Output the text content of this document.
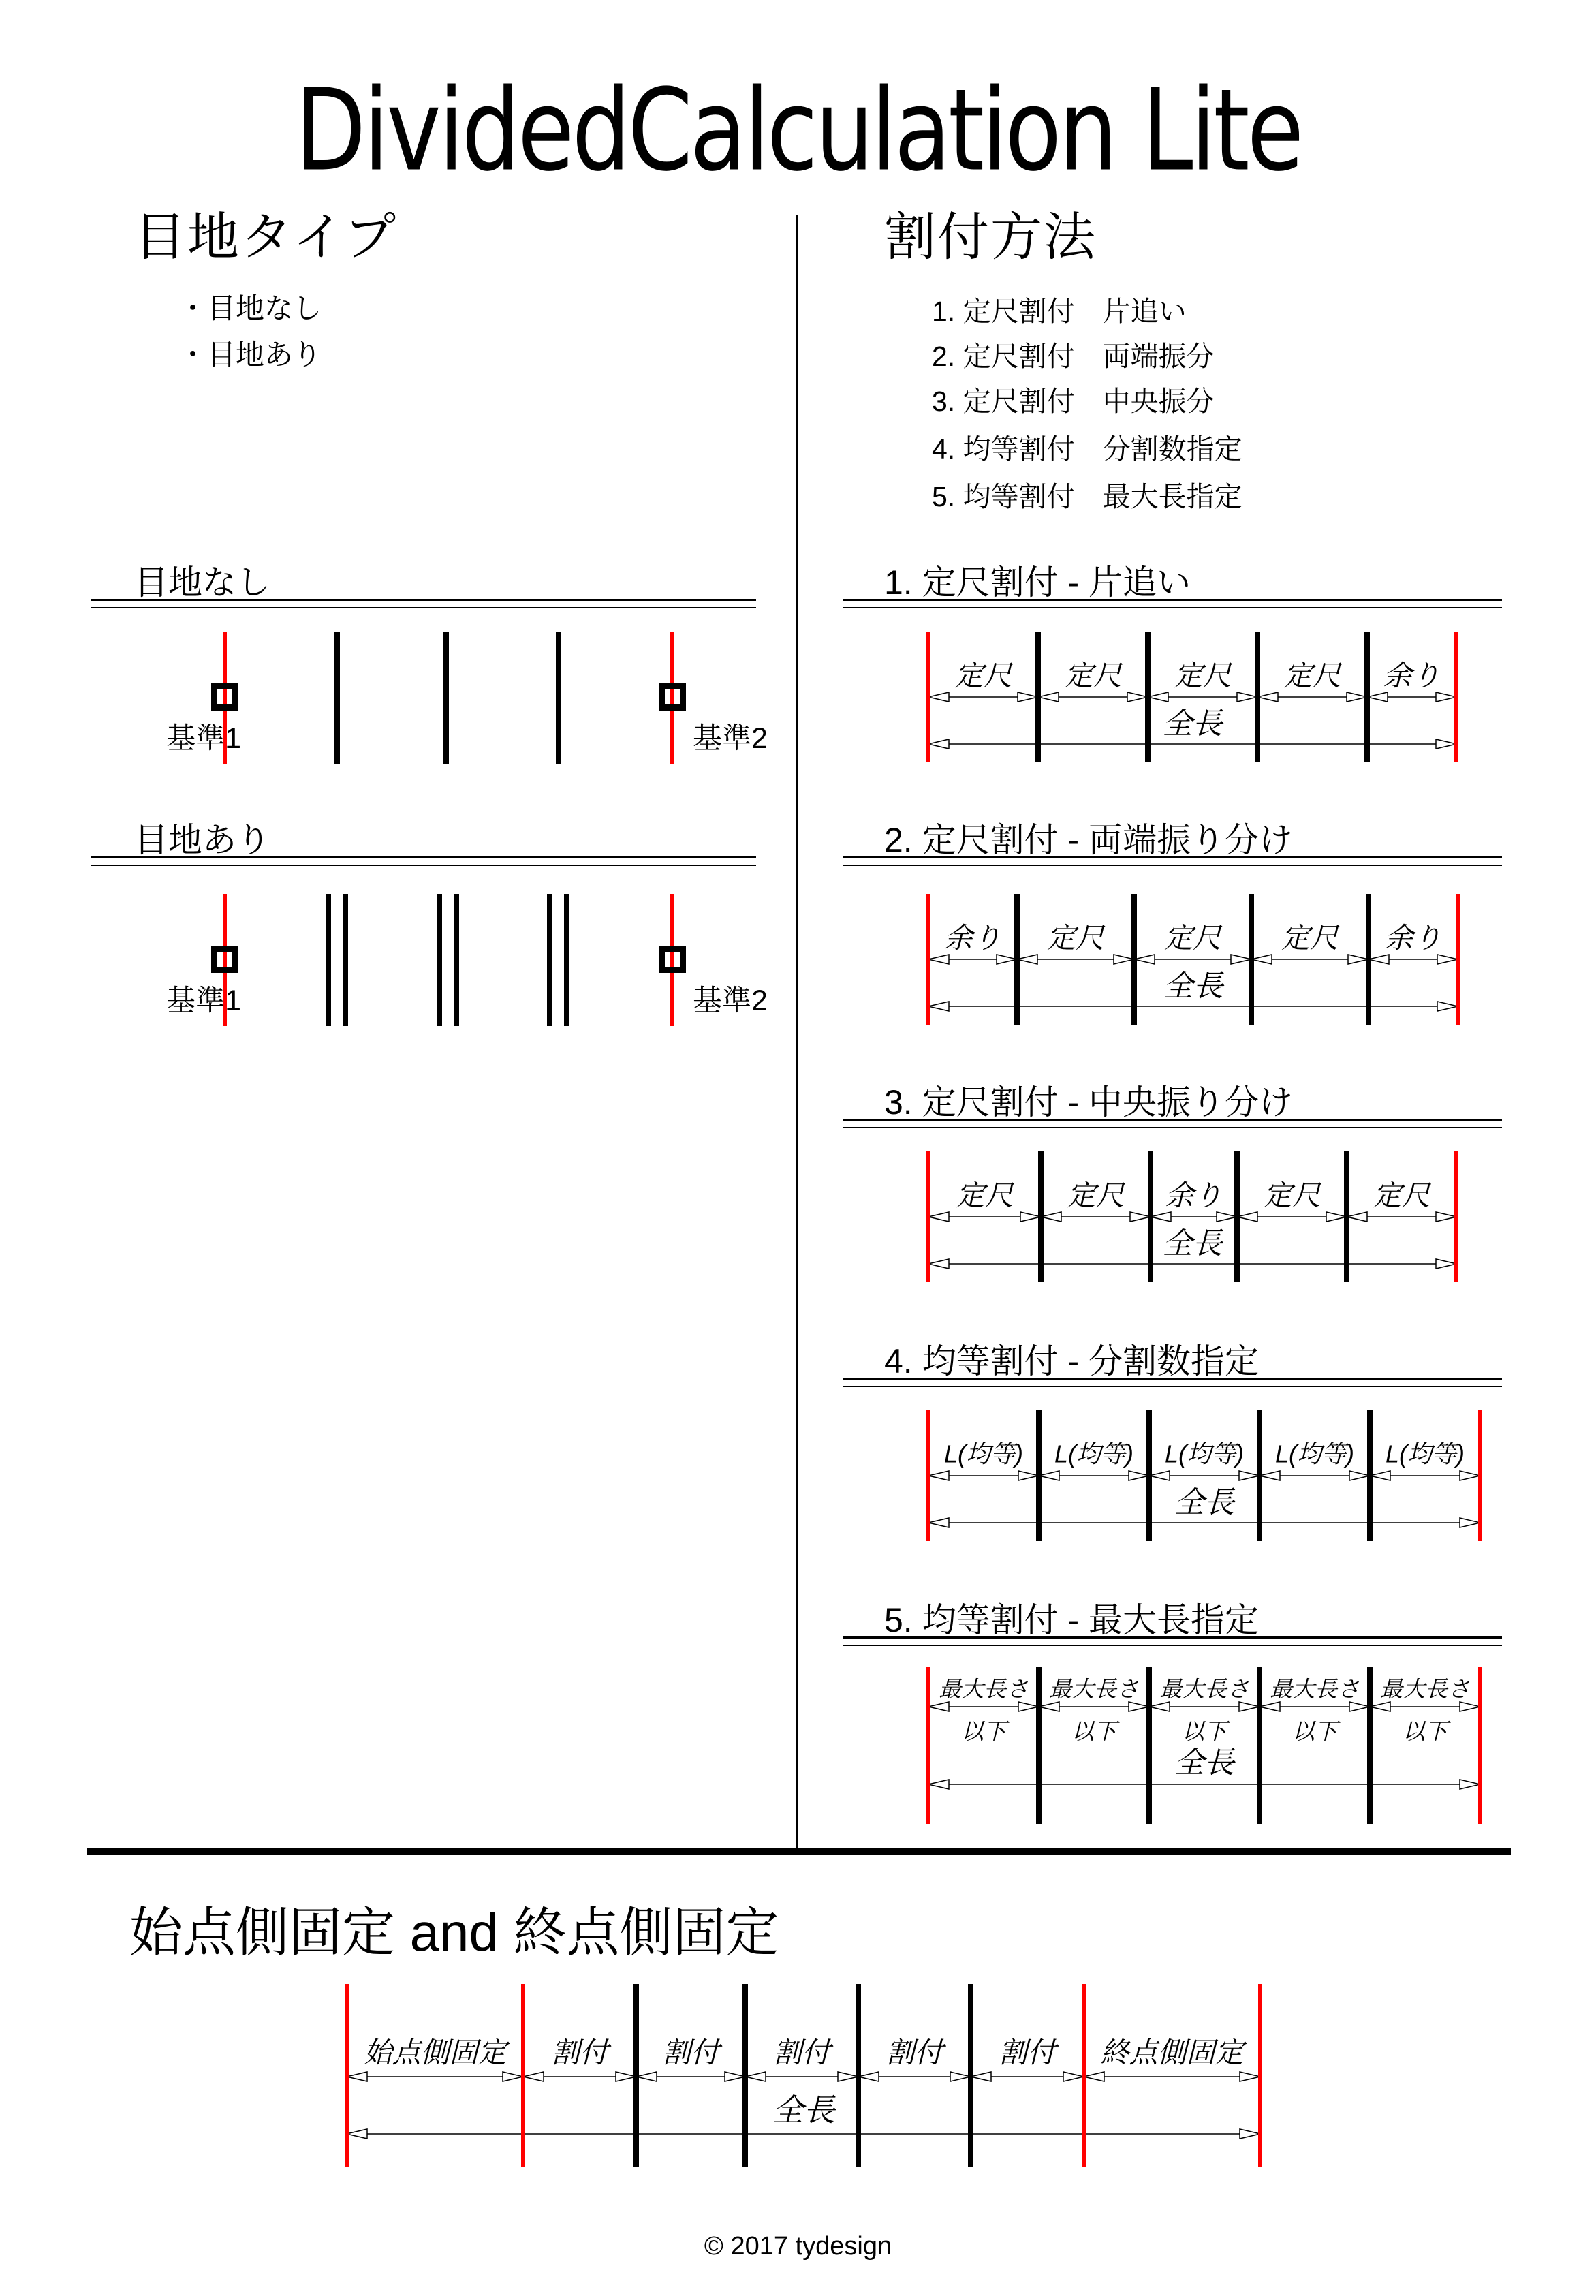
DividedCalculation Lite
目地タイプ
・目地なし
・目地あり
割付方法
1. 定尺割付　片追い
2. 定尺割付　両端振分
3. 定尺割付　中央振分
4. 均等割付　分割数指定
5. 均等割付　最大長指定
目地なし
目地あり
1. 定尺割付 - 片追い
2. 定尺割付 - 両端振り分け
3. 定尺割付 - 中央振り分け
4. 均等割付 - 分割数指定
5. 均等割付 - 最大長指定
始点側固定 and 終点側固定
© 2017 tydesign
基準1	基準2
基準1	基準2
定尺 定尺 定尺 定尺 余り
全長
余り 定尺 定尺 定尺 余り
全長
定尺 定尺 余り 定尺 定尺
全長
L(均等) L(均等) L(均等) L(均等) L(均等)
全長
最大長さ 最大長さ 最大長さ 最大長さ 最大長さ
以下	以下	以下	以下	以下
全長
始点側固定 割付 割付 割付 割付 割付 終点側固定
全長
